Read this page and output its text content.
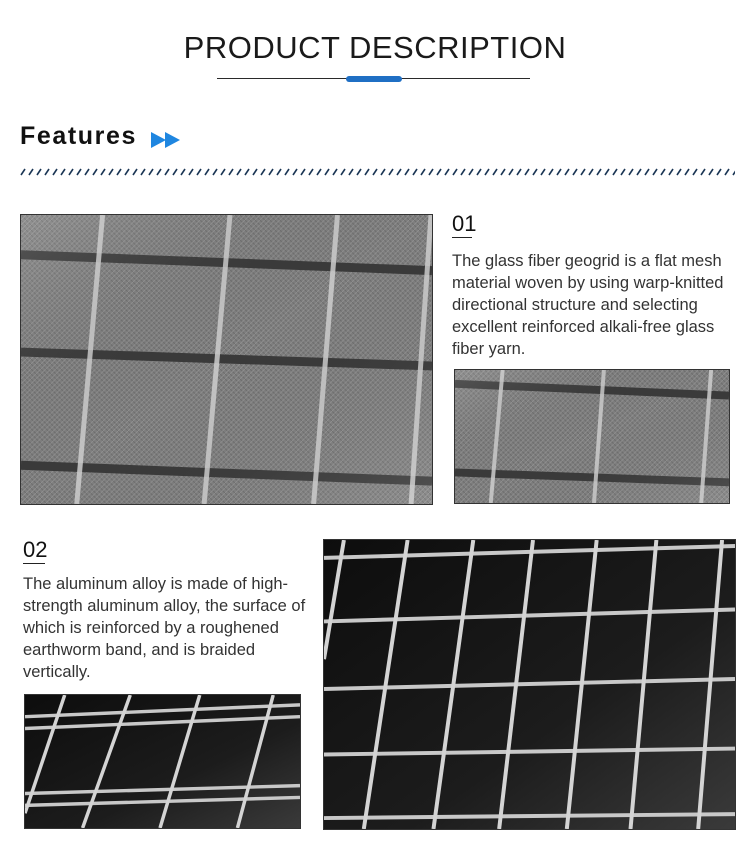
PRODUCT DESCRIPTION
Features
01
The glass fiber geogrid is a flat mesh material woven by using warp-knitted directional structure and selecting excellent reinforced alkali-free glass fiber yarn.
02
The aluminum alloy is made of high-strength aluminum alloy, the surface of which is reinforced by a roughened earthworm band, and is braided vertically.
